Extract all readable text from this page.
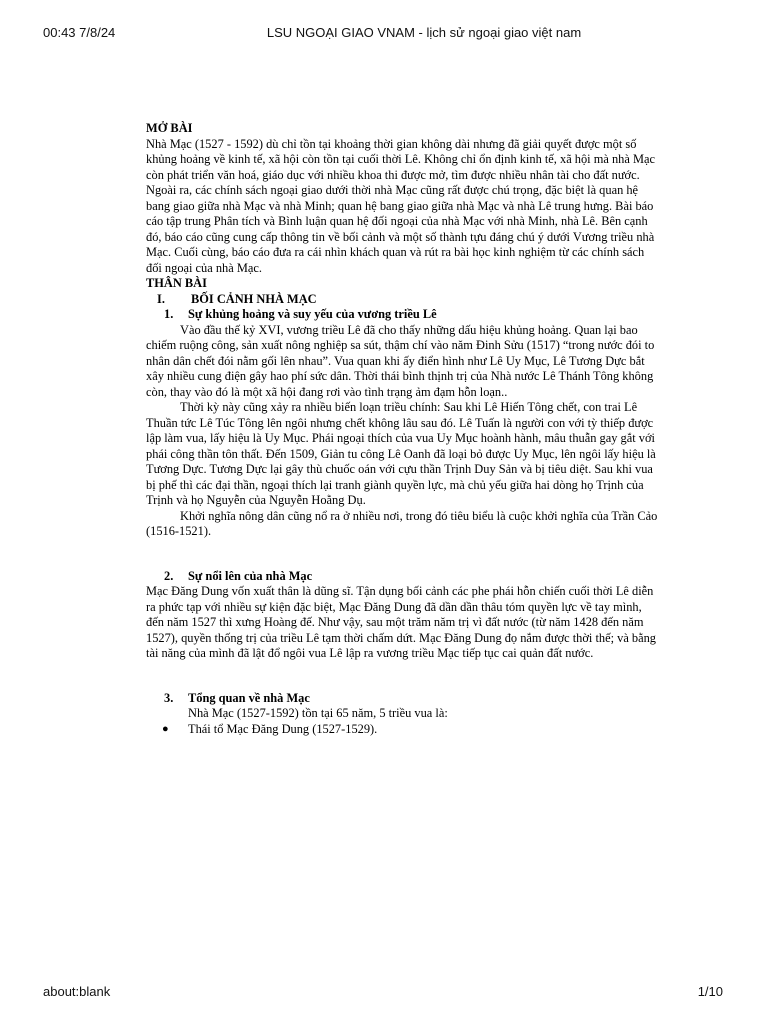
00:43 7/8/24	LSU NGOẠI GIAO VNAM - lịch sử ngoại giao việt nam

MỞ BÀI

Nhà Mạc (1527 - 1592) dù chỉ tồn tại khoảng thời gian không dài nhưng đã giải quyết được một số khủng hoảng về kinh tế, xã hội còn tồn tại cuối thời Lê. Không chỉ ổn định kinh tế, xã hội mà nhà Mạc còn phát triển văn hoá, giáo dục với nhiều khoa thi được mở, tìm được nhiều nhân tài cho đất nước. Ngoài ra, các chính sách ngoại giao dưới thời nhà Mạc cũng rất được chú trọng, đặc biệt là quan hệ bang giao giữa nhà Mạc và nhà Minh; quan hệ bang giao giữa nhà Mạc và nhà Lê trung hưng. Bài báo cáo tập trung Phân tích và Bình luận quan hệ đối ngoại của nhà Mạc với nhà Minh, nhà Lê. Bên cạnh đó, báo cáo cũng cung cấp thông tin về bối cảnh và một số thành tựu đáng chú ý dưới Vương triều nhà Mạc. Cuối cùng, báo cáo đưa ra cái nhìn khách quan và rút ra bài học kinh nghiệm từ các chính sách đối ngoại của nhà Mạc.

THÂN BÀI

I.	BỐI CẢNH NHÀ MẠC
1.	Sự khủng hoảng và suy yếu của vương triều Lê

Vào đầu thế kỷ XVI, vương triều Lê đã cho thấy những dấu hiệu khủng hoảng. Quan lại bao chiếm ruộng công, sản xuất nông nghiệp sa sút, thậm chí vào năm Đinh Sửu (1517) “trong nước đói to nhân dân chết đói nằm gối lên nhau”. Vua quan khi ấy điển hình như Lê Uy Mục, Lê Tương Dực bắt xây nhiều cung điện gây hao phí sức dân. Thời thái bình thịnh trị của Nhà nước Lê Thánh Tông không còn, thay vào đó là một xã hội đang rơi vào tình trạng ảm đạm hỗn loạn..

Thời kỳ này cũng xảy ra nhiều biến loạn triều chính: Sau khi Lê Hiến Tông chết, con trai Lê Thuần tức Lê Túc Tông lên ngôi nhưng chết không lâu sau đó. Lê Tuấn là người con với tỳ thiếp được lập làm vua, lấy hiệu là Uy Mục. Phái ngoại thích của vua Uy Mục hoành hành, mâu thuẫn gay gắt với phái công thần tôn thất. Đến 1509, Giản tu công Lê Oanh đã loại bỏ được Uy Mục, lên ngôi lấy hiệu là Tương Dực. Tương Dực lại gây thù chuốc oán với cựu thần Trịnh Duy Sản và bị tiêu diệt. Sau khi vua bị phế thì các đại thần, ngoại thích lại tranh giành quyền lực, mà chủ yếu giữa hai dòng họ Trịnh của Trịnh và họ Nguyễn của Nguyễn Hoằng Dụ.

Khởi nghĩa nông dân cũng nổ ra ở nhiều nơi, trong đó tiêu biểu là cuộc khởi nghĩa của Trần Cảo (1516-1521).

2.	Sự nổi lên của nhà Mạc

Mạc Đăng Dung vốn xuất thân là dũng sĩ. Tận dụng bối cảnh các phe phái hỗn chiến cuối thời Lê diễn ra phức tạp với nhiều sự kiện đặc biệt, Mạc Đăng Dung đã dần dần thâu tóm quyền lực về tay mình, đến năm 1527 thì xưng Hoàng đế. Như vậy, sau một trăm năm trị vì đất nước (từ năm 1428 đến năm 1527), quyền thống trị của triều Lê tạm thời chấm dứt. Mạc Đăng Dung đọ nắm được thời thế; và bằng tài năng của mình đã lật đổ ngôi vua Lê lập ra vương triều Mạc tiếp tục cai quản đất nước.

3.	Tổng quan về nhà Mạc

Nhà Mạc (1527-1592) tồn tại 65 năm, 5 triều vua là:

●	Thái tổ Mạc Đăng Dung (1527-1529).
about:blank	1/10
